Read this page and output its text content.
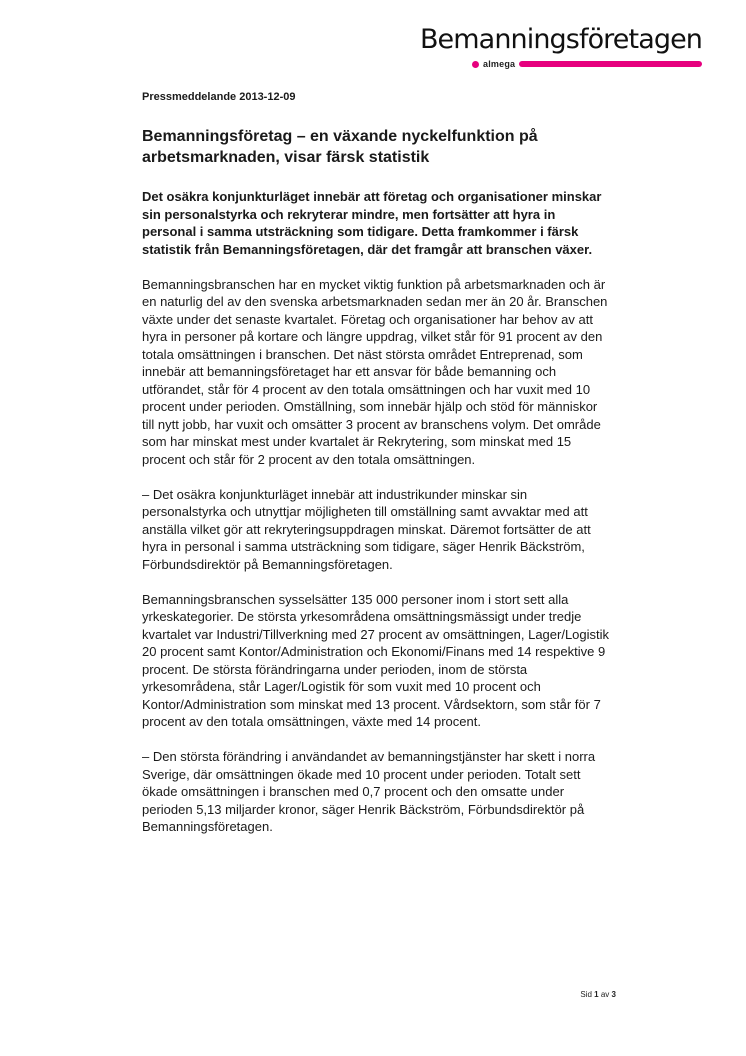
Bemanningsföretagen
almega

Pressmeddelande 2013-12-09

Bemanningsföretag – en växande nyckelfunktion på arbetsmarknaden, visar färsk statistik

Det osäkra konjunkturläget innebär att företag och organisationer minskar sin personalstyrka och rekryterar mindre, men fortsätter att hyra in personal i samma utsträckning som tidigare. Detta framkommer i färsk statistik från Bemanningsföretagen, där det framgår att branschen växer.

Bemanningsbranschen har en mycket viktig funktion på arbetsmarknaden och är en naturlig del av den svenska arbetsmarknaden sedan mer än 20 år. Branschen växte under det senaste kvartalet. Företag och organisationer har behov av att hyra in personer på kortare och längre uppdrag, vilket står för 91 procent av den totala omsättningen i branschen. Det näst största området Entreprenad, som innebär att bemanningsföretaget har ett ansvar för både bemanning och utförandet, står för 4 procent av den totala omsättningen och har vuxit med 10 procent under perioden. Omställning, som innebär hjälp och stöd för människor till nytt jobb, har vuxit och omsätter 3 procent av branschens volym. Det område som har minskat mest under kvartalet är Rekrytering, som minskat med 15 procent och står för 2 procent av den totala omsättningen.

– Det osäkra konjunkturläget innebär att industrikunder minskar sin personalstyrka och utnyttjar möjligheten till omställning samt avvaktar med att anställa vilket gör att rekryteringsuppdragen minskat. Däremot fortsätter de att hyra in personal i samma utsträckning som tidigare, säger Henrik Bäckström, Förbundsdirektör på Bemanningsföretagen.

Bemanningsbranschen sysselsätter 135 000 personer inom i stort sett alla yrkeskategorier. De största yrkesområdena omsättningsmässigt under tredje kvartalet var Industri/Tillverkning med 27 procent av omsättningen, Lager/Logistik 20 procent samt Kontor/Administration och Ekonomi/Finans med 14 respektive 9 procent. De största förändringarna under perioden, inom de största yrkesområdena, står Lager/Logistik för som vuxit med 10 procent och Kontor/Administration som minskat med 13 procent. Vårdsektorn, som står för 7 procent av den totala omsättningen, växte med 14 procent.

– Den största förändring i användandet av bemanningstjänster har skett i norra Sverige, där omsättningen ökade med 10 procent under perioden. Totalt sett ökade omsättningen i branschen med 0,7 procent och den omsatte under perioden 5,13 miljarder kronor, säger Henrik Bäckström, Förbundsdirektör på Bemanningsföretagen.

Sid 1 av 3
